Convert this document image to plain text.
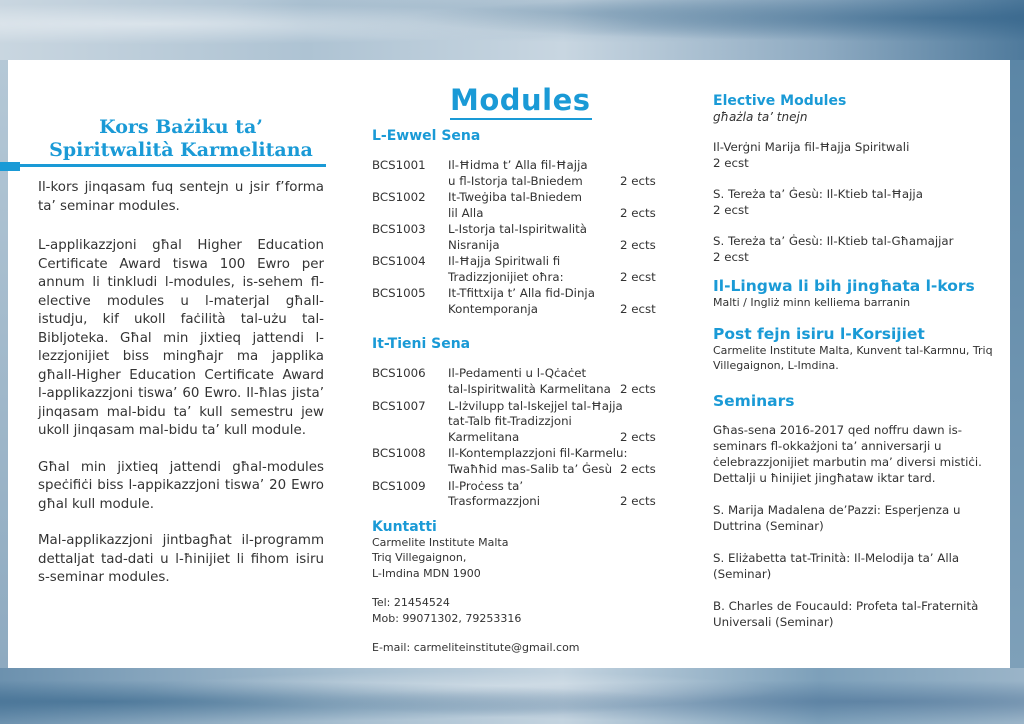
Kors Bażiku ta’
Spiritwalità Karmelitana

Il-kors jinqasam fuq sentejn u jsir f’forma ta’ seminar modules.

L-applikazzjoni għal Higher Education Certificate Award tiswa 100 Ewro per annum li tinkludi l-modules, is-sehem fl-elective modules u l-materjal għall-istudju, kif ukoll faċilità tal-użu tal-Biblјoteka. Għal min jixtieq jattendi l-lezzjonijiet biss mingħajr ma japplika għall-Higher Education Certificate Award l-applikazzjoni tiswa’ 60 Ewro. Il-ħlas jista’ jinqasam mal-bidu ta’ kull semestru jew ukoll jinqasam mal-bidu ta’ kull module.

Għal min jixtieq jattendi għal-modules speċifiċi biss l-appikazzjoni tiswa’ 20 Ewro għal kull module.

Mal-applikazzjoni jintbagħat il-programm dettaljat tad-dati u l-ħinijiet li fihom isiru s-seminar modules.

Modules
L-Ewwel Sena
BCS1001 Il-Ħidma t’ Alla fil-Ħajja
u fl-Istorja tal-Bniedem	2 ects
BCS1002 It-Tweġiba tal-Bniedem
lil Alla	2 ects
BCS1003 L-Istorja tal-Ispiritwalità
Nisranija	2 ects
BCS1004 Il-Ħajja Spiritwali fi
Tradizzjonijiet oħra:	2 ecst
BCS1005 It-Tfittxija t’ Alla fid-Dinja
Kontemporanja	2 ecst
It-Tieni Sena
BCS1006 Il-Pedamenti u l-Qċaċet
tal-Ispiritwalità Karmelitana 2 ects
BCS1007 L-Iżvilupp tal-Iskejjel tal-Ħajja
tat-Talb fit-Tradizzjoni
Karmelitana	2 ects
BCS1008 Il-Kontemplazzjoni fil-Karmelu:
Twaħħid mas-Salib ta’ Ġesù 2 ects
BCS1009 Il-Proċess ta’
Trasformazzjoni	2 ects
Kuntatti

Carmelite Institute Malta

Triq Villegaignon,

L-Imdina MDN 1900

Tel: 21454524

Mob: 99071302, 79253316

E-mail: carmeliteinstitute@gmail.com

Elective Modules

għażla ta’ tnejn

Il-Verġni Marija fil-Ħajja Spiritwali

2 ecst

S. Tereża ta’ Ġesù: Il-Ktieb tal-Ħajja

2 ecst

S. Tereża ta’ Ġesù: Il-Ktieb tal-Għamajjar

2 ecst

Il-Lingwa li bih jingħata l-kors

Malti / Ingliż minn kelliema barranin

Post fejn isiru l-Korsijiet

Carmelite Institute Malta, Kunvent tal-Karmnu, Triq

Villegaignon, L-Imdina.

Seminars

Għas-sena 2016-2017 qed noffru dawn is-seminars fl-okkażjoni ta’ anniversarji u ċelebrazzjonijiet marbutin ma’ diversi mistiċi. Dettalji u ħinijiet jingħataw iktar tard.

S. Marija Madalena de’Pazzi: Esperjenza u Duttrina (Seminar)

S. Eliżabetta tat-Trinità: Il-Melodija ta’ Alla (Seminar)

B. Charles de Foucauld: Profeta tal-Fraternità Universali (Seminar)
